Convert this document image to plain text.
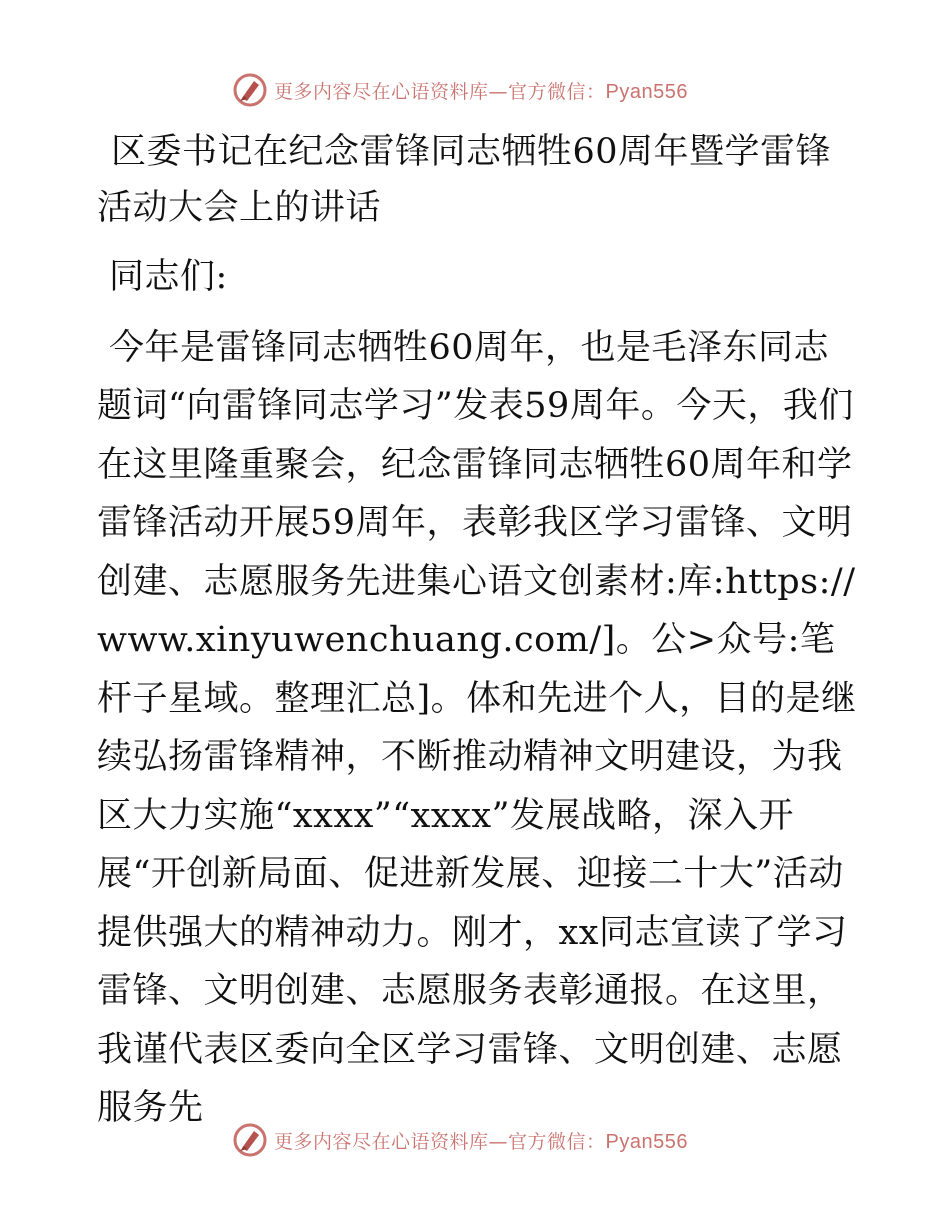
更多内容尽在心语资料库—官方微信：Pyan556
区委书记在纪念雷锋同志牺牲60周年暨学雷锋活动大会上的讲话

同志们:

今年是雷锋同志牺牲60周年，也是毛泽东同志题词“向雷锋同志学习”发表59周年。今天，我们在这里隆重聚会，纪念雷锋同志牺牲60周年和学雷锋活动开展59周年，表彰我区学习雷锋、文明创建、志愿服务先进集心语文创素材:库:https://www.xinyuwenchuang.com/]。公>众号:笔杆子星域。整理汇总]。体和先进个人，目的是继续弘扬雷锋精神，不断推动精神文明建设，为我区大力实施“xxxx”“xxxx”发展战略，深入开展“开创新局面、促进新发展、迎接二十大”活动提供强大的精神动力。刚才，xx同志宣读了学习雷锋、文明创建、志愿服务表彰通报。在这里，我谨代表区委向全区学习雷锋、文明创建、志愿服务先

更多内容尽在心语资料库—官方微信：Pyan556
